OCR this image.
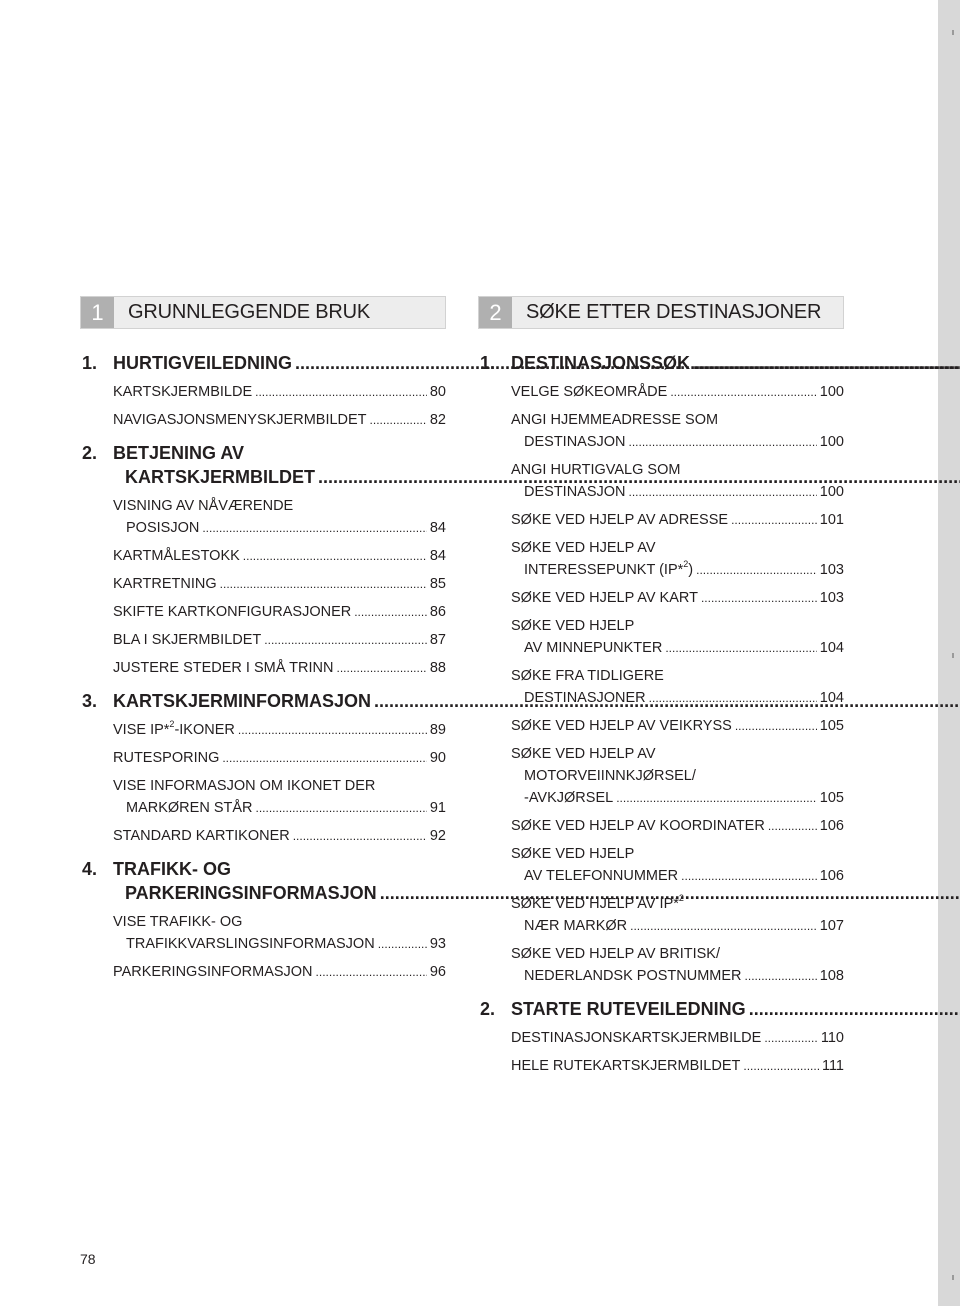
1	GRUNNLEGGENDE BRUK
1. HURTIGVEILEDNING
.....
KARTSKJERMBILDE .....	80
NAVIGASJONSMENYSKJERMBILDET .....	82
2. BETJENING AV
KARTSKJERMBILDET
.....
VISNING AV NÅVÆRENDE
POSISJON .....	84
KARTMÅLESTOKK .....	84
KARTRETNING .....	85
SKIFTE KARTKONFIGURASJONER .....	86
BLA I SKJERMBILDET .....	87
JUSTERE STEDER I SMÅ TRINN .....	88
3. KARTSKJERMINFORMASJON
.....
VISE IP*$^2$-IKONER .....	89
RUTESPORING .....	90
VISE INFORMASJON OM IKONET DER
MARKØREN STÅR .....	91
STANDARD KARTIKONER .....	92
4. TRAFIKK- OG
PARKERINGSINFORMASJON
.....
VISE TRAFIKK- OG
TRAFIKKVARSLINGSINFORMASJON .....	93
PARKERINGSINFORMASJON .....	96
2	SØKE ETTER DESTINASJONER
1. DESTINASJONSSØK
.....
VELGE SØKEOMRÅDE .....	100
ANGI HJEMMEADRESSE SOM
DESTINASJON .....	100
ANGI HURTIGVALG SOM
DESTINASJON .....	100
SØKE VED HJELP AV ADRESSE .....	101
SØKE VED HJELP AV
INTERESSEPUNKT (IP*$^2$) .....	103
SØKE VED HJELP AV KART .....	103
SØKE VED HJELP
AV MINNEPUNKTER .....	104
SØKE FRA TIDLIGERE
DESTINASJONER .....	104
SØKE VED HJELP AV VEIKRYSS .....	105
SØKE VED HJELP AV
MOTORVEIINNKJØRSEL/
-AVKJØRSEL .....	105
SØKE VED HJELP AV KOORDINATER .....	106
SØKE VED HJELP
AV TELEFONNUMMER .....	106
SØKE VED HJELP AV IP*$^2$
NÆR MARKØR .....	107
SØKE VED HJELP AV BRITISK/
NEDERLANDSK POSTNUMMER .....	108
2. STARTE RUTEVEILEDNING
.....
DESTINASJONSKARTSKJERMBILDE .....	110
HELE RUTEKARTSKJERMBILDET .....	111
78
